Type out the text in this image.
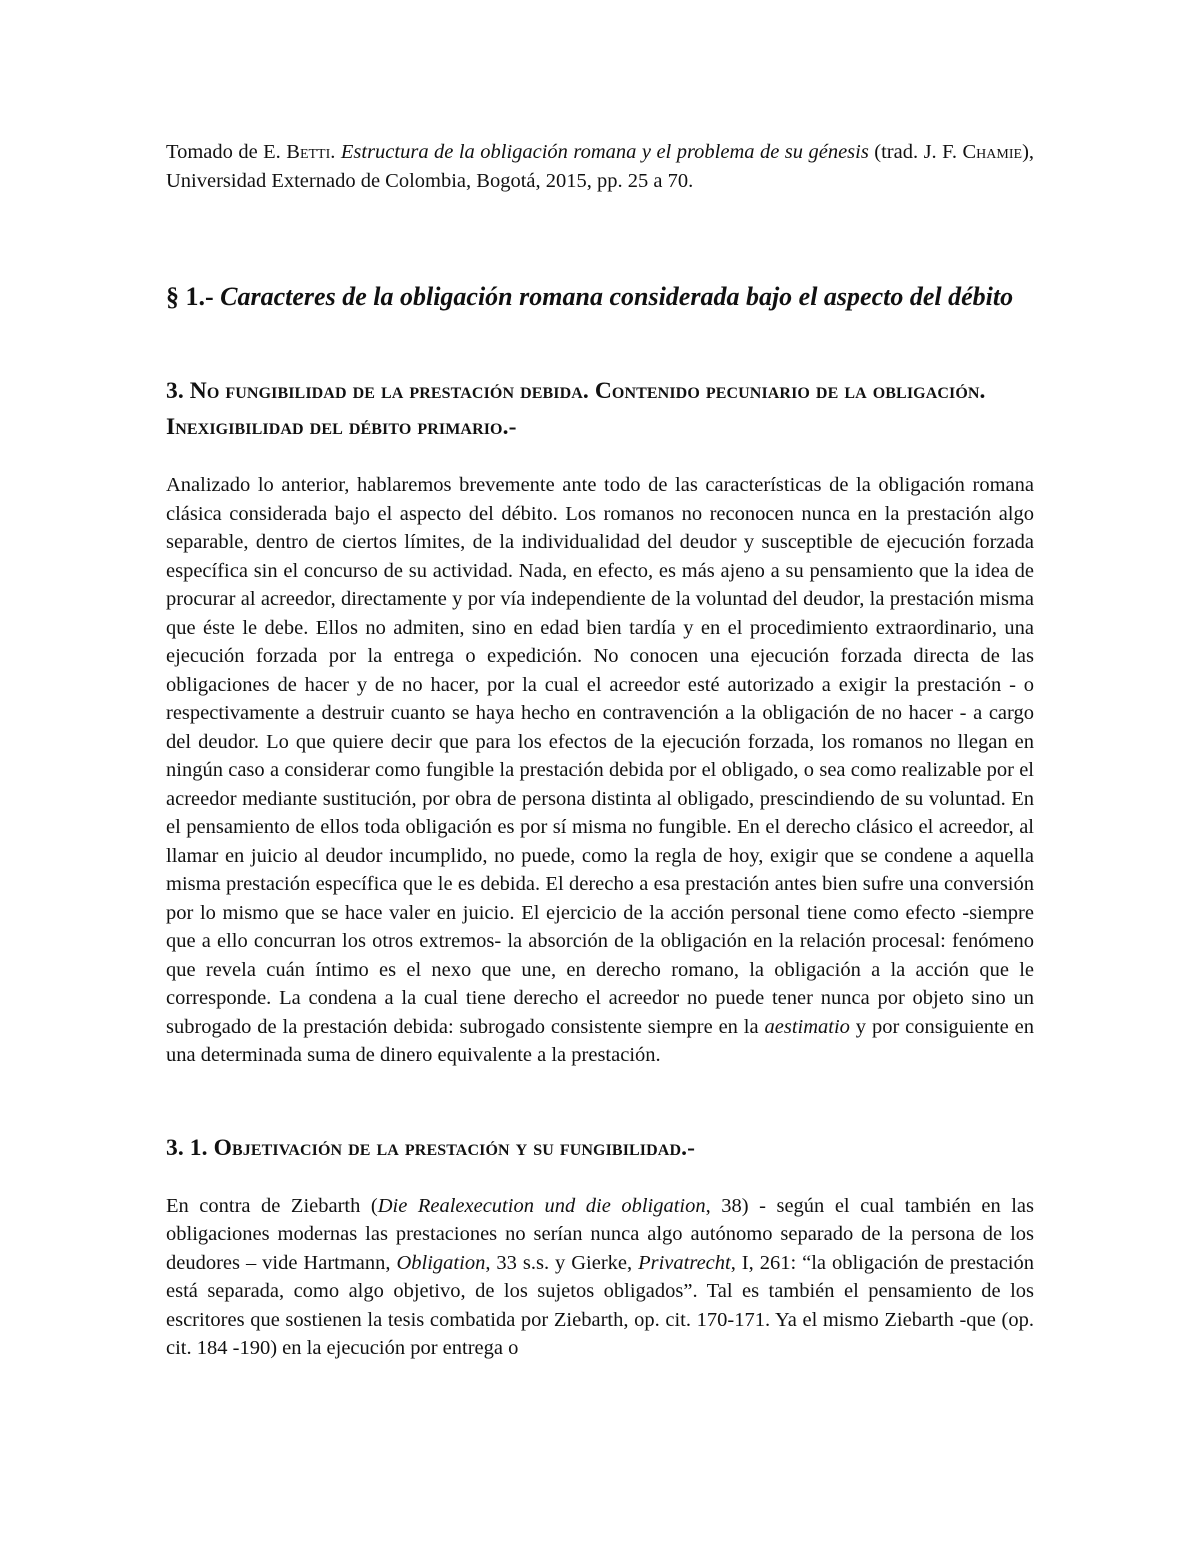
Tomado de E. Betti. Estructura de la obligación romana y el problema de su génesis (trad. J. F. Chamie), Universidad Externado de Colombia, Bogotá, 2015, pp. 25 a 70.

§ 1.- Caracteres de la obligación romana considerada bajo el aspecto del débito
3. No fungibilidad de la prestación debida. Contenido pecuniario de la obligación. Inexigibilidad del débito primario.-

Analizado lo anterior, hablaremos brevemente ante todo de las características de la obligación romana clásica considerada bajo el aspecto del débito. Los romanos no reconocen nunca en la prestación algo separable, dentro de ciertos límites, de la individualidad del deudor y susceptible de ejecución forzada específica sin el concurso de su actividad. Nada, en efecto, es más ajeno a su pensamiento que la idea de procurar al acreedor, directamente y por vía independiente de la voluntad del deudor, la prestación misma que éste le debe. Ellos no admiten, sino en edad bien tardía y en el procedimiento extraordinario, una ejecución forzada por la entrega o expedición. No conocen una ejecución forzada directa de las obligaciones de hacer y de no hacer, por la cual el acreedor esté autorizado a exigir la prestación - o respectivamente a destruir cuanto se haya hecho en contravención a la obligación de no hacer - a cargo del deudor. Lo que quiere decir que para los efectos de la ejecución forzada, los romanos no llegan en ningún caso a considerar como fungible la prestación debida por el obligado, o sea como realizable por el acreedor mediante sustitución, por obra de persona distinta al obligado, prescindiendo de su voluntad. En el pensamiento de ellos toda obligación es por sí misma no fungible. En el derecho clásico el acreedor, al llamar en juicio al deudor incumplido, no puede, como la regla de hoy, exigir que se condene a aquella misma prestación específica que le es debida. El derecho a esa prestación antes bien sufre una conversión por lo mismo que se hace valer en juicio. El ejercicio de la acción personal tiene como efecto -siempre que a ello concurran los otros extremos- la absorción de la obligación en la relación procesal: fenómeno que revela cuán íntimo es el nexo que une, en derecho romano, la obligación a la acción que le corresponde. La condena a la cual tiene derecho el acreedor no puede tener nunca por objeto sino un subrogado de la prestación debida: subrogado consistente siempre en la aestimatio y por consiguiente en una determinada suma de dinero equivalente a la prestación.

3. 1. Objetivación de la prestación y su fungibilidad.-

En contra de Ziebarth (Die Realexecution und die obligation, 38) - según el cual también en las obligaciones modernas las prestaciones no serían nunca algo autónomo separado de la persona de los deudores – vide Hartmann, Obligation, 33 s.s. y Gierke, Privatrecht, I, 261: “la obligación de prestación está separada, como algo objetivo, de los sujetos obligados”. Tal es también el pensamiento de los escritores que sostienen la tesis combatida por Ziebarth, op. cit. 170-171. Ya el mismo Ziebarth -que (op. cit. 184 -190) en la ejecución por entrega o
